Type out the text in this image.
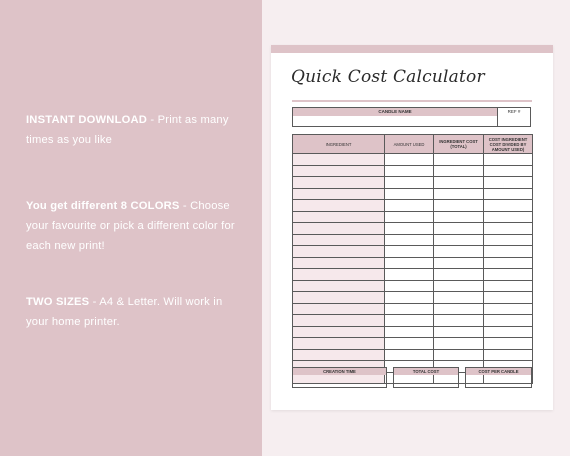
INSTANT DOWNLOAD - Print as many times as you like
You get different 8 COLORS - Choose your favourite or pick a different color for each new print!
TWO SIZES - A4 & Letter. Will work in your home printer.
Quick Cost Calculator
CANDLE NAME	REF #
INGREDIENT	AMOUNT USED	INGREDIENT COST (TOTAL)	COST INGREDIENT COST DIVIDED BY AMOUNT USED)

CREATION TIME	TOTAL COST	COST PER CANDLE
